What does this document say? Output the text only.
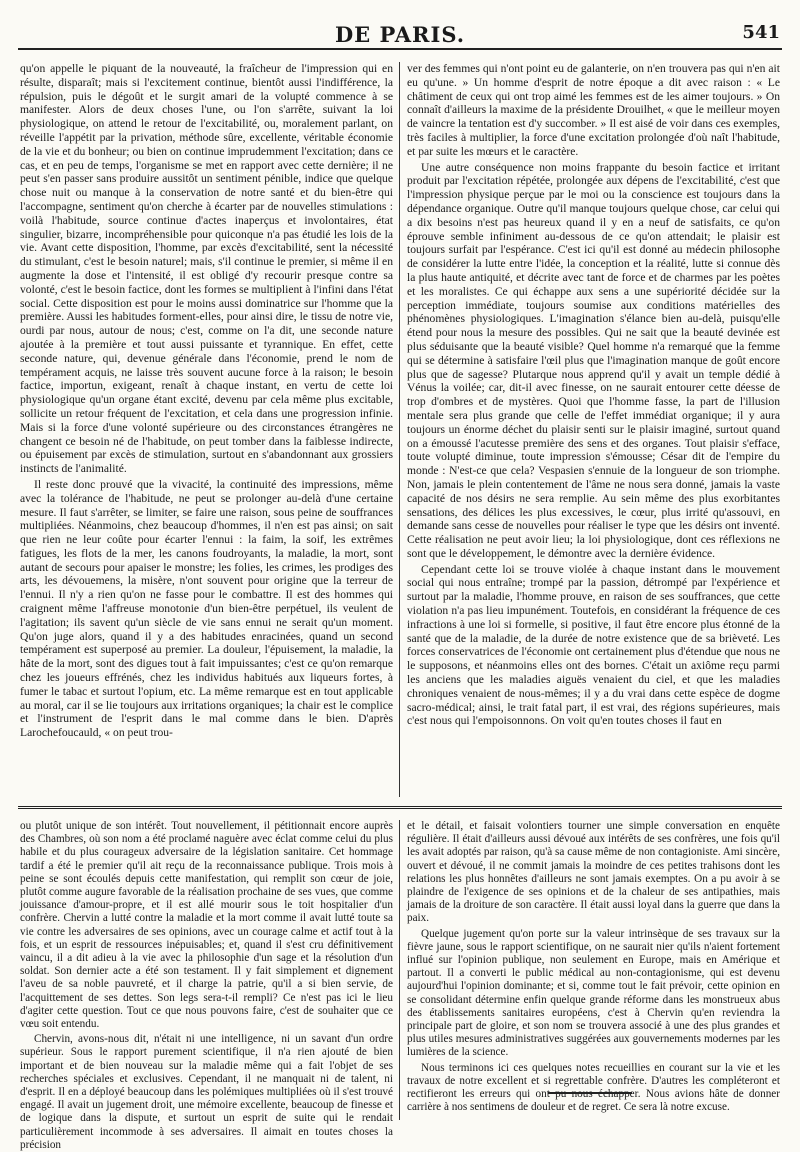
DE PARIS.	541

qu'on appelle le piquant de la nouveauté, la fraîcheur de l'impression qui en résulte, disparaît; mais si l'excitement continue, bientôt aussi l'indifférence, la répulsion, puis le dégoût et le surgit amari de la volupté commence à se manifester. Alors de deux choses l'une, ou l'on s'arrête, suivant la loi physiologique, on attend le retour de l'excitabilité, ou, moralement parlant, on réveille l'appétit par la privation, méthode sûre, excellente, véritable économie de la vie et du bonheur; ou bien on continue imprudemment l'excitation; dans ce cas, et en peu de temps, l'organisme se met en rapport avec cette dernière; il ne peut s'en passer sans produire aussitôt un sentiment pénible, indice que quelque chose nuit ou manque à la conservation de notre santé et du bien-être qui l'accompagne, sentiment qu'on cherche à écarter par de nouvelles stimulations : voilà l'habitude, source continue d'actes inaperçus et involontaires, état singulier, bizarre, incompréhensible pour quiconque n'a pas étudié les lois de la vie. Avant cette disposition, l'homme, par excès d'excitabilité, sent la nécessité du stimulant, c'est le besoin naturel; mais, s'il continue le premier, si même il en augmente la dose et l'intensité, il est obligé d'y recourir presque contre sa volonté, c'est le besoin factice, dont les formes se multiplient à l'infini dans l'état social. Cette disposition est pour le moins aussi dominatrice sur l'homme que la première. Aussi les habitudes forment-elles, pour ainsi dire, le tissu de notre vie, ourdi par nous, autour de nous; c'est, comme on l'a dit, une seconde nature ajoutée à la première et tout aussi puissante et tyrannique. En effet, cette seconde nature, qui, devenue générale dans l'économie, prend le nom de tempérament acquis, ne laisse très souvent aucune force à la raison; le besoin factice, importun, exigeant, renaît à chaque instant, en vertu de cette loi physiologique qu'un organe étant excité, devenu par cela même plus excitable, sollicite un retour fréquent de l'excitation, et cela dans une progression infinie. Mais si la force d'une volonté supérieure ou des circonstances étrangères ne changent ce besoin né de l'habitude, on peut tomber dans la faiblesse indirecte, ou épuisement par excès de stimulation, surtout en s'abandonnant aux grossiers instincts de l'animalité.

Il reste donc prouvé que la vivacité, la continuité des impressions, même avec la tolérance de l'habitude, ne peut se prolonger au-delà d'une certaine mesure. Il faut s'arrêter, se limiter, se faire une raison, sous peine de souffrances multipliées. Néanmoins, chez beaucoup d'hommes, il n'en est pas ainsi; on sait que rien ne leur coûte pour écarter l'ennui : la faim, la soif, les extrêmes fatigues, les flots de la mer, les canons foudroyants, la maladie, la mort, sont autant de secours pour apaiser le monstre; les folies, les crimes, les prodiges des arts, les dévouemens, la misère, n'ont souvent pour origine que la terreur de l'ennui. Il n'y a rien qu'on ne fasse pour le combattre. Il est des hommes qui craignent même l'affreuse monotonie d'un bien-être perpétuel, ils veulent de l'agitation; ils savent qu'un siècle de vie sans ennui ne serait qu'un moment. Qu'on juge alors, quand il y a des habitudes enracinées, quand un second tempérament est superposé au premier. La douleur, l'épuisement, la maladie, la hâte de la mort, sont des digues tout à fait impuissantes; c'est ce qu'on remarque chez les joueurs effrénés, chez les individus habitués aux liqueurs fortes, à fumer le tabac et surtout l'opium, etc. La même remarque est en tout applicable au moral, car il se lie toujours aux irritations organiques; la chair est le complice et l'instrument de l'esprit dans le mal comme dans le bien. D'après Larochefoucauld, « on peut trou-

ver des femmes qui n'ont point eu de galanterie, on n'en trouvera pas qui n'en ait eu qu'une. » Un homme d'esprit de notre époque a dit avec raison : « Le châtiment de ceux qui ont trop aimé les femmes est de les aimer toujours. » On connaît d'ailleurs la maxime de la présidente Drouilhet, « que le meilleur moyen de vaincre la tentation est d'y succomber. » Il est aisé de voir dans ces exemples, très faciles à multiplier, la force d'une excitation prolongée d'où naît l'habitude, et par suite les mœurs et le caractère.

Une autre conséquence non moins frappante du besoin factice et irritant produit par l'excitation répétée, prolongée aux dépens de l'excitabilité, c'est que l'impression physique perçue par le moi ou la conscience est toujours dans la dépendance organique. Outre qu'il manque toujours quelque chose, car celui qui a dix besoins n'est pas heureux quand il y en a neuf de satisfaits, ce qu'on éprouve semble infiniment au-dessous de ce qu'on attendait; le plaisir est toujours surfait par l'espérance. C'est ici qu'il est donné au médecin philosophe de considérer la lutte entre l'idée, la conception et la réalité, lutte si connue dès la plus haute antiquité, et décrite avec tant de force et de charmes par les poètes et les moralistes. Ce qui échappe aux sens a une supériorité décidée sur la perception immédiate, toujours soumise aux conditions matérielles des phénomènes physiologiques. L'imagination s'élance bien au-delà, puisqu'elle étend pour nous la mesure des possibles. Qui ne sait que la beauté devinée est plus séduisante que la beauté visible? Quel homme n'a remarqué que la femme qui se détermine à satisfaire l'œil plus que l'imagination manque de goût encore plus que de sagesse? Plutarque nous apprend qu'il y avait un temple dédié à Vénus la voilée; car, dit-il avec finesse, on ne saurait entourer cette déesse de trop d'ombres et de mystères. Quoi que l'homme fasse, la part de l'illusion mentale sera plus grande que celle de l'effet immédiat organique; il y aura toujours un énorme déchet du plaisir senti sur le plaisir imaginé, surtout quand on a émoussé l'acutesse première des sens et des organes. Tout plaisir s'efface, toute volupté diminue, toute impression s'émousse; César dit de l'empire du monde : N'est-ce que cela? Vespasien s'ennuie de la longueur de son triomphe. Non, jamais le plein contentement de l'âme ne nous sera donné, jamais la vaste capacité de nos désirs ne sera remplie. Au sein même des plus exorbitantes sensations, des délices les plus excessives, le cœur, plus irrité qu'assouvi, en demande sans cesse de nouvelles pour réaliser le type que les désirs ont inventé. Cette réalisation ne peut avoir lieu; la loi physiologique, dont ces réflexions ne sont que le développement, le démontre avec la dernière évidence.

Cependant cette loi se trouve violée à chaque instant dans le mouvement social qui nous entraîne; trompé par la passion, détrompé par l'expérience et surtout par la maladie, l'homme prouve, en raison de ses souffrances, que cette violation n'a pas lieu impunément. Toutefois, en considérant la fréquence de ces infractions à une loi si formelle, si positive, il faut être encore plus étonné de la santé que de la maladie, de la durée de notre existence que de sa brièveté. Les forces conservatrices de l'économie ont certainement plus d'étendue que nous ne le supposons, et néanmoins elles ont des bornes. C'était un axiôme reçu parmi les anciens que les maladies aiguës venaient du ciel, et que les maladies chroniques venaient de nous-mêmes; il y a du vrai dans cette espèce de dogme sacro-médical; ainsi, le trait fatal part, il est vrai, des régions supérieures, mais c'est nous qui l'empoisonnons. On voit qu'en toutes choses il faut en

ou plutôt unique de son intérêt. Tout nouvellement, il pétitionnait encore auprès des Chambres, où son nom a été proclamé naguère avec éclat comme celui du plus habile et du plus courageux adversaire de la législation sanitaire. Cet hommage tardif a été le premier qu'il ait reçu de la reconnaissance publique. Trois mois à peine se sont écoulés depuis cette manifestation, qui remplit son cœur de joie, plutôt comme augure favorable de la réalisation prochaine de ses vues, que comme jouissance d'amour-propre, et il est allé mourir sous le toit hospitalier d'un confrère. Chervin a lutté contre la maladie et la mort comme il avait lutté toute sa vie contre les adversaires de ses opinions, avec un courage calme et actif tout à la fois, et un esprit de ressources inépuisables; et, quand il s'est cru définitivement vaincu, il a dit adieu à la vie avec la philosophie d'un sage et la résolution d'un soldat. Son dernier acte a été son testament. Il y fait simplement et dignement l'aveu de sa noble pauvreté, et il charge la patrie, qu'il a si bien servie, de l'acquittement de ses dettes. Son legs sera-t-il rempli? Ce n'est pas ici le lieu d'agiter cette question. Tout ce que nous pouvons faire, c'est de souhaiter que ce vœu soit entendu.

Chervin, avons-nous dit, n'était ni une intelligence, ni un savant d'un ordre supérieur. Sous le rapport purement scientifique, il n'a rien ajouté de bien important et de bien nouveau sur la maladie même qui a fait l'objet de ses recherches spéciales et exclusives. Cependant, il ne manquait ni de talent, ni d'esprit. Il en a déployé beaucoup dans les polémiques multipliées où il s'est trouvé engagé. Il avait un jugement droit, une mémoire excellente, beaucoup de finesse et de logique dans la dispute, et surtout un esprit de suite qui le rendait particulièrement incommode à ses adversaires. Il aimait en toutes choses la précision

et le détail, et faisait volontiers tourner une simple conversation en enquête régulière. Il était d'ailleurs aussi dévoué aux intérêts de ses confrères, une fois qu'il les avait adoptés par raison, qu'à sa cause même de non contagioniste. Ami sincère, ouvert et dévoué, il ne commit jamais la moindre de ces petites trahisons dont les relations les plus honnêtes d'ailleurs ne sont jamais exemptes. On a pu avoir à se plaindre de l'exigence de ses opinions et de la chaleur de ses antipathies, mais jamais de la droiture de son caractère. Il était aussi loyal dans la guerre que dans la paix.

Quelque jugement qu'on porte sur la valeur intrinsèque de ses travaux sur la fièvre jaune, sous le rapport scientifique, on ne saurait nier qu'ils n'aient fortement influé sur l'opinion publique, non seulement en Europe, mais en Amérique et partout. Il a converti le public médical au non-contagionisme, qui est devenu aujourd'hui l'opinion dominante; et si, comme tout le fait prévoir, cette opinion en se consolidant détermine enfin quelque grande réforme dans les monstrueux abus des établissements sanitaires européens, c'est à Chervin qu'en reviendra la principale part de gloire, et son nom se trouvera associé à une des plus grandes et plus utiles mesures administratives suggérées aux gouvernements modernes par les lumières de la science.

Nous terminons ici ces quelques notes recueillies en courant sur la vie et les travaux de notre excellent et si regrettable confrère. D'autres les compléteront et rectifieront les erreurs qui ont pu nous échapper. Nous avions hâte de donner carrière à nos sentimens de douleur et de regret. Ce sera là notre excuse.
